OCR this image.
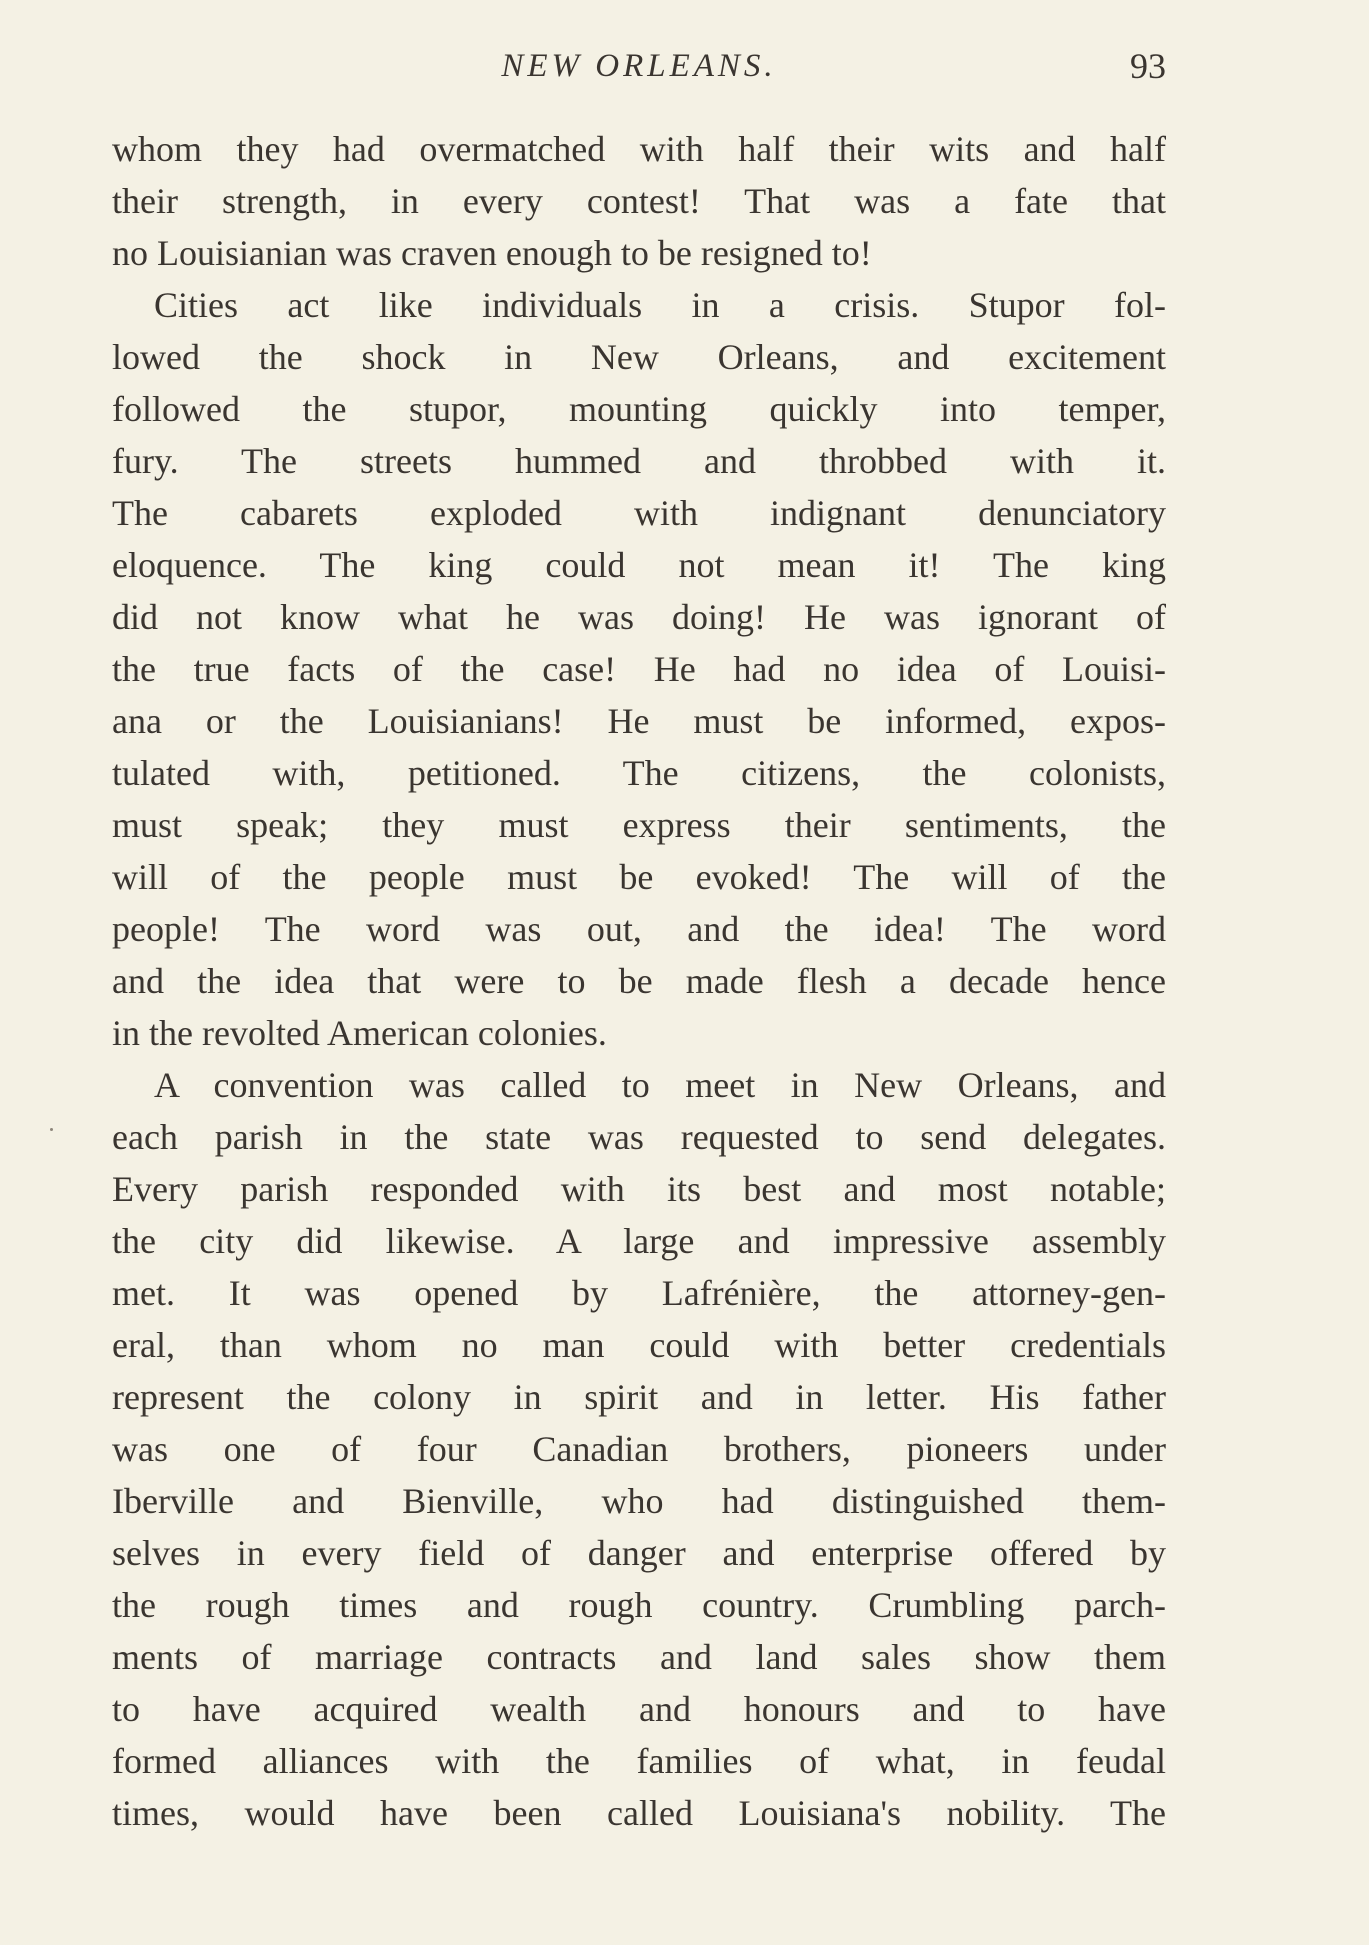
NEW ORLEANS.	93
whom they had overmatched with half their wits and half
their strength, in every contest! That was a fate that
no Louisianian was craven enough to be resigned to!
Cities act like individuals in a crisis. Stupor fol-
lowed the shock in New Orleans, and excitement
followed the stupor, mounting quickly into temper,
fury. The streets hummed and throbbed with it.
The cabarets exploded with indignant denunciatory
eloquence. The king could not mean it! The king
did not know what he was doing! He was ignorant of
the true facts of the case! He had no idea of Louisi-
ana or the Louisianians! He must be informed, expos-
tulated with, petitioned. The citizens, the colonists,
must speak; they must express their sentiments, the
will of the people must be evoked! The will of the
people! The word was out, and the idea! The word
and the idea that were to be made flesh a decade hence
in the revolted American colonies.
A convention was called to meet in New Orleans, and
each parish in the state was requested to send delegates.
Every parish responded with its best and most notable;
the city did likewise. A large and impressive assembly
met. It was opened by Lafrénière, the attorney-gen-
eral, than whom no man could with better credentials
represent the colony in spirit and in letter. His father
was one of four Canadian brothers, pioneers under
Iberville and Bienville, who had distinguished them-
selves in every field of danger and enterprise offered by
the rough times and rough country. Crumbling parch-
ments of marriage contracts and land sales show them
to have acquired wealth and honours and to have
formed alliances with the families of what, in feudal
times, would have been called Louisiana's nobility. The
